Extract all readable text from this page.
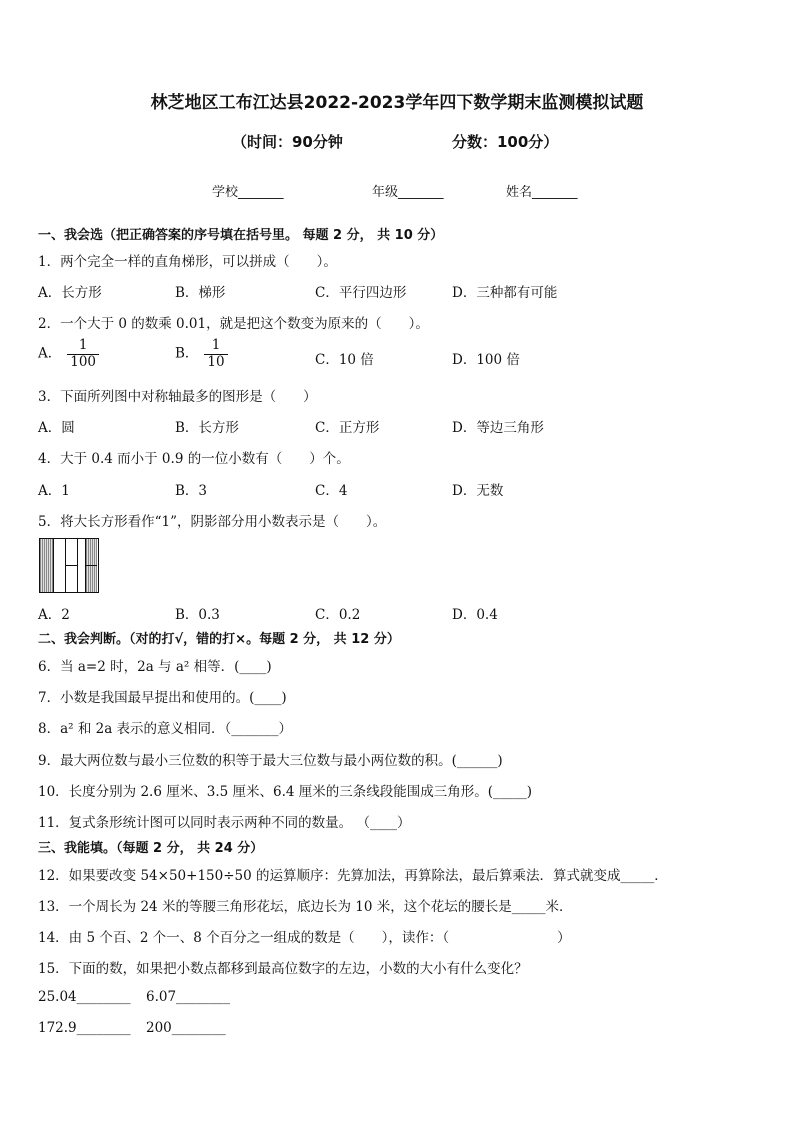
林芝地区工布江达县2022-2023学年四下数学期末监测模拟试题
（时间：90分钟	分数：100分）
学校_______	年级_______	姓名_______
一、我会选（把正确答案的序号填在括号里。 每题 2 分， 共 10 分）
1．两个完全一样的直角梯形，可以拼成（　　）。
A．长方形	B．梯形	C．平行四边形	D．三种都有可能
2．一个大于 0 的数乘 0.01，就是把这个数变为原来的（　　）。
A． $\frac{1}{100}$	B． $\frac{1}{10}$	C．10 倍	D．100 倍
3．下面所列图中对称轴最多的图形是（　　）
A．圆	B．长方形	C．正方形	D．等边三角形
4．大于 0.4 而小于 0.9 的一位小数有（　　）个。
A．1	B．3	C．4	D．无数
5．将大长方形看作“1”，阴影部分用小数表示是（　　）。
A．2	B．0.3	C．0.2	D．0.4
二、我会判断。（对的打√，错的打×。每题 2 分， 共 12 分）
6．当 a=2 时，2a 与 a² 相等．(____)
7．小数是我国最早提出和使用的。(____)
8．a² 和 2a 表示的意义相同．（_______）
9．最大两位数与最小三位数的积等于最大三位数与最小两位数的积。(______)
10．长度分别为 2.6 厘米、3.5 厘米、6.4 厘米的三条线段能围成三角形。(_____)
11．复式条形统计图可以同时表示两种不同的数量。 （____）
三、我能填。（每题 2 分， 共 24 分）
12．如果要改变 54×50+150÷50 的运算顺序：先算加法，再算除法，最后算乘法．算式就变成_____．
13．一个周长为 24 米的等腰三角形花坛，底边长为 10 米，这个花坛的腰长是_____米．
14．由 5 个百、2 个一、8 个百分之一组成的数是（　　），读作：（　　　　　　　　）
15．下面的数，如果把小数点都移到最高位数字的左边，小数的大小有什么变化？
25.04________ 6.07________
172.9________ 200________
